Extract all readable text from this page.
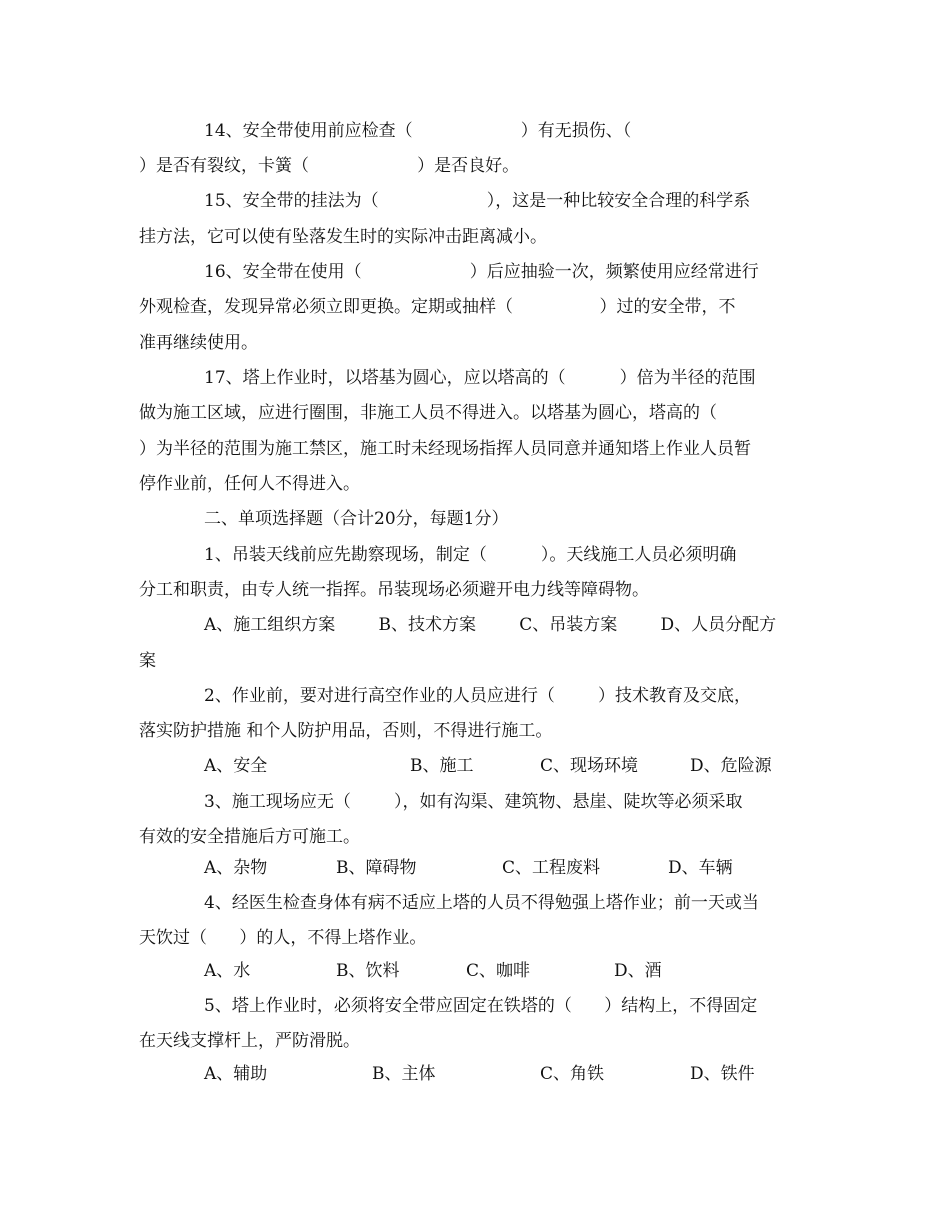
14、安全带使用前应检查（                    ）有无损伤、（
）是否有裂纹，卡簧（                    ）是否良好。
15、安全带的挂法为（                    ），这是一种比较安全合理的科学系
挂方法，它可以使有坠落发生时的实际冲击距离减小。
16、安全带在使用（                    ）后应抽验一次，频繁使用应经常进行
外观检查，发现异常必须立即更换。定期或抽样（                ）过的安全带，不
准再继续使用。
17、塔上作业时，以塔基为圆心，应以塔高的（          ）倍为半径的范围
做为施工区域，应进行圈围，非施工人员不得进入。以塔基为圆心，塔高的（
）为半径的范围为施工禁区，施工时未经现场指挥人员同意并通知塔上作业人员暂
停作业前，任何人不得进入。
二、单项选择题（合计20分，每题1分）
1、吊装天线前应先勘察现场，制定（          ）。天线施工人员必须明确
分工和职责，由专人统一指挥。吊装现场必须避开电力线等障碍物。
A、施工组织方案        B、技术方案        C、吊装方案        D、人员分配方
案
2、作业前，要对进行高空作业的人员应进行（        ）技术教育及交底，
落实防护措施 和个人防护用品，否则，不得进行施工。
A、安全	B、施工	C、现场环境	D、危险源
3、施工现场应无（        ），如有沟渠、建筑物、悬崖、陡坎等必须采取
有效的安全措施后方可施工。
A、杂物	B、障碍物	C、工程废料	D、车辆
4、经医生检查身体有病不适应上塔的人员不得勉强上塔作业；前一天或当
天饮过（      ）的人，不得上塔作业。
A、水	B、饮料	C、咖啡	D、酒
5、塔上作业时，必须将安全带应固定在铁塔的（      ）结构上，不得固定
在天线支撑杆上，严防滑脱。
A、辅助	B、主体	C、角铁	D、铁件
